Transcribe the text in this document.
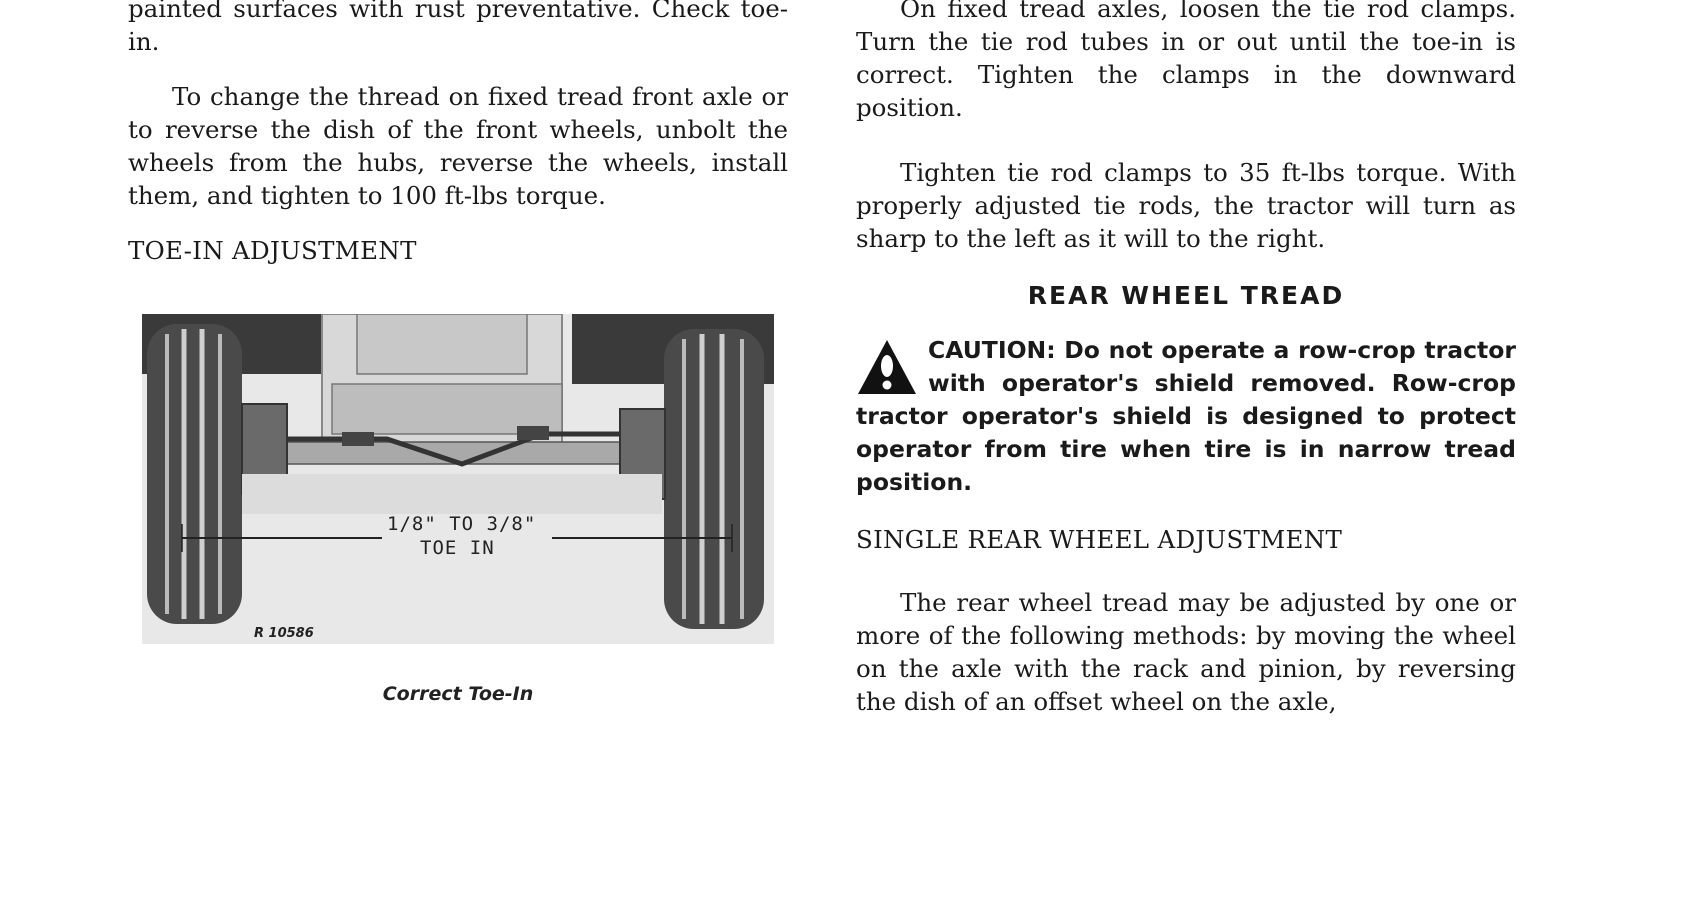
painted surfaces with rust preventative. Check toe-in.

To change the thread on fixed tread front axle or to reverse the dish of the front wheels, unbolt the wheels from the hubs, reverse the wheels, install them, and tighten to 100 ft-lbs torque.

TOE-IN ADJUSTMENT

1/8" TO 3/8"
TOE IN
R 10586
Correct Toe-In

On fixed tread axles, loosen the tie rod clamps. Turn the tie rod tubes in or out until the toe-in is correct. Tighten the clamps in the downward position.

Tighten tie rod clamps to 35 ft-lbs torque. With properly adjusted tie rods, the tractor will turn as sharp to the left as it will to the right.

REAR WHEEL TREAD

CAUTION: Do not operate a row-crop tractor with operator's shield removed. Row-crop tractor operator's shield is designed to protect operator from tire when tire is in narrow tread position.

SINGLE REAR WHEEL ADJUSTMENT

The rear wheel tread may be adjusted by one or more of the following methods: by moving the wheel on the axle with the rack and pinion, by reversing the dish of an offset wheel on the axle,
